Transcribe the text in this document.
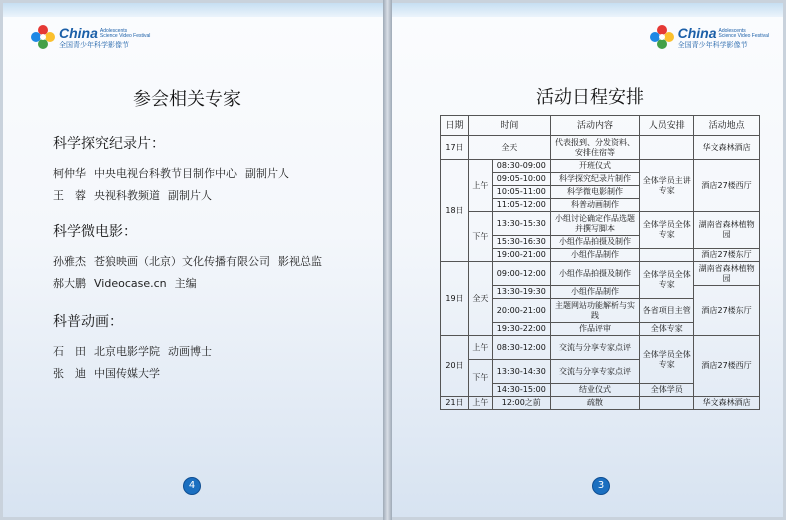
China Adolescents
Science Video Festival
全国青少年科学影像节
参会相关专家
科学探究纪录片：
柯仲华 中央电视台科教节目制作中心 副制片人
王　蓉 央视科教频道 副制片人
科学微电影：
孙雅杰 苍狼映画（北京）文化传播有限公司 影视总监
郝大鹏 Videocase.cn 主编
科普动画：
石　田 北京电影学院 动画博士
张　迪 中国传媒大学
4
China Adolescents
Science Video Festival
全国青少年科学影像节
活动日程安排
日期	时间		活动内容	人员安排	活动地点
17日	全天		代表报到、分发资料、安排住宿等		华文森林酒店
18日	上午	08:30-09:00	开班仪式	全体学员主讲专家	酒店27楼西厅
		09:05-10:00	科学探究纪录片制作		
		10:05-11:00	科学微电影制作		
		11:05-12:00	科普动画制作		
	下午	13:30-15:30	小组讨论确定作品选题并撰写脚本	全体学员全体专家	湖南省森林植物园
		15:30-16:30	小组作品拍摄及制作		
		19:00-21:00	小组作品制作		酒店27楼东厅
19日	全天	09:00-12:00	小组作品拍摄及制作	全体学员全体专家	湖南省森林植物园
		13:30-19:30	小组作品制作		酒店27楼东厅
		20:00-21:00	主题网站功能解析与实践	各省项目主管	
		19:30-22:00	作品评审	全体专家	
20日	上午	08:30-12:00	交流与分享专家点评	全体学员全体专家	酒店27楼西厅
	下午	13:30-14:30	交流与分享专家点评		
		14:30-15:00	结业仪式	全体学员	
21日	上午	12:00之前	疏散		华文森林酒店
3
